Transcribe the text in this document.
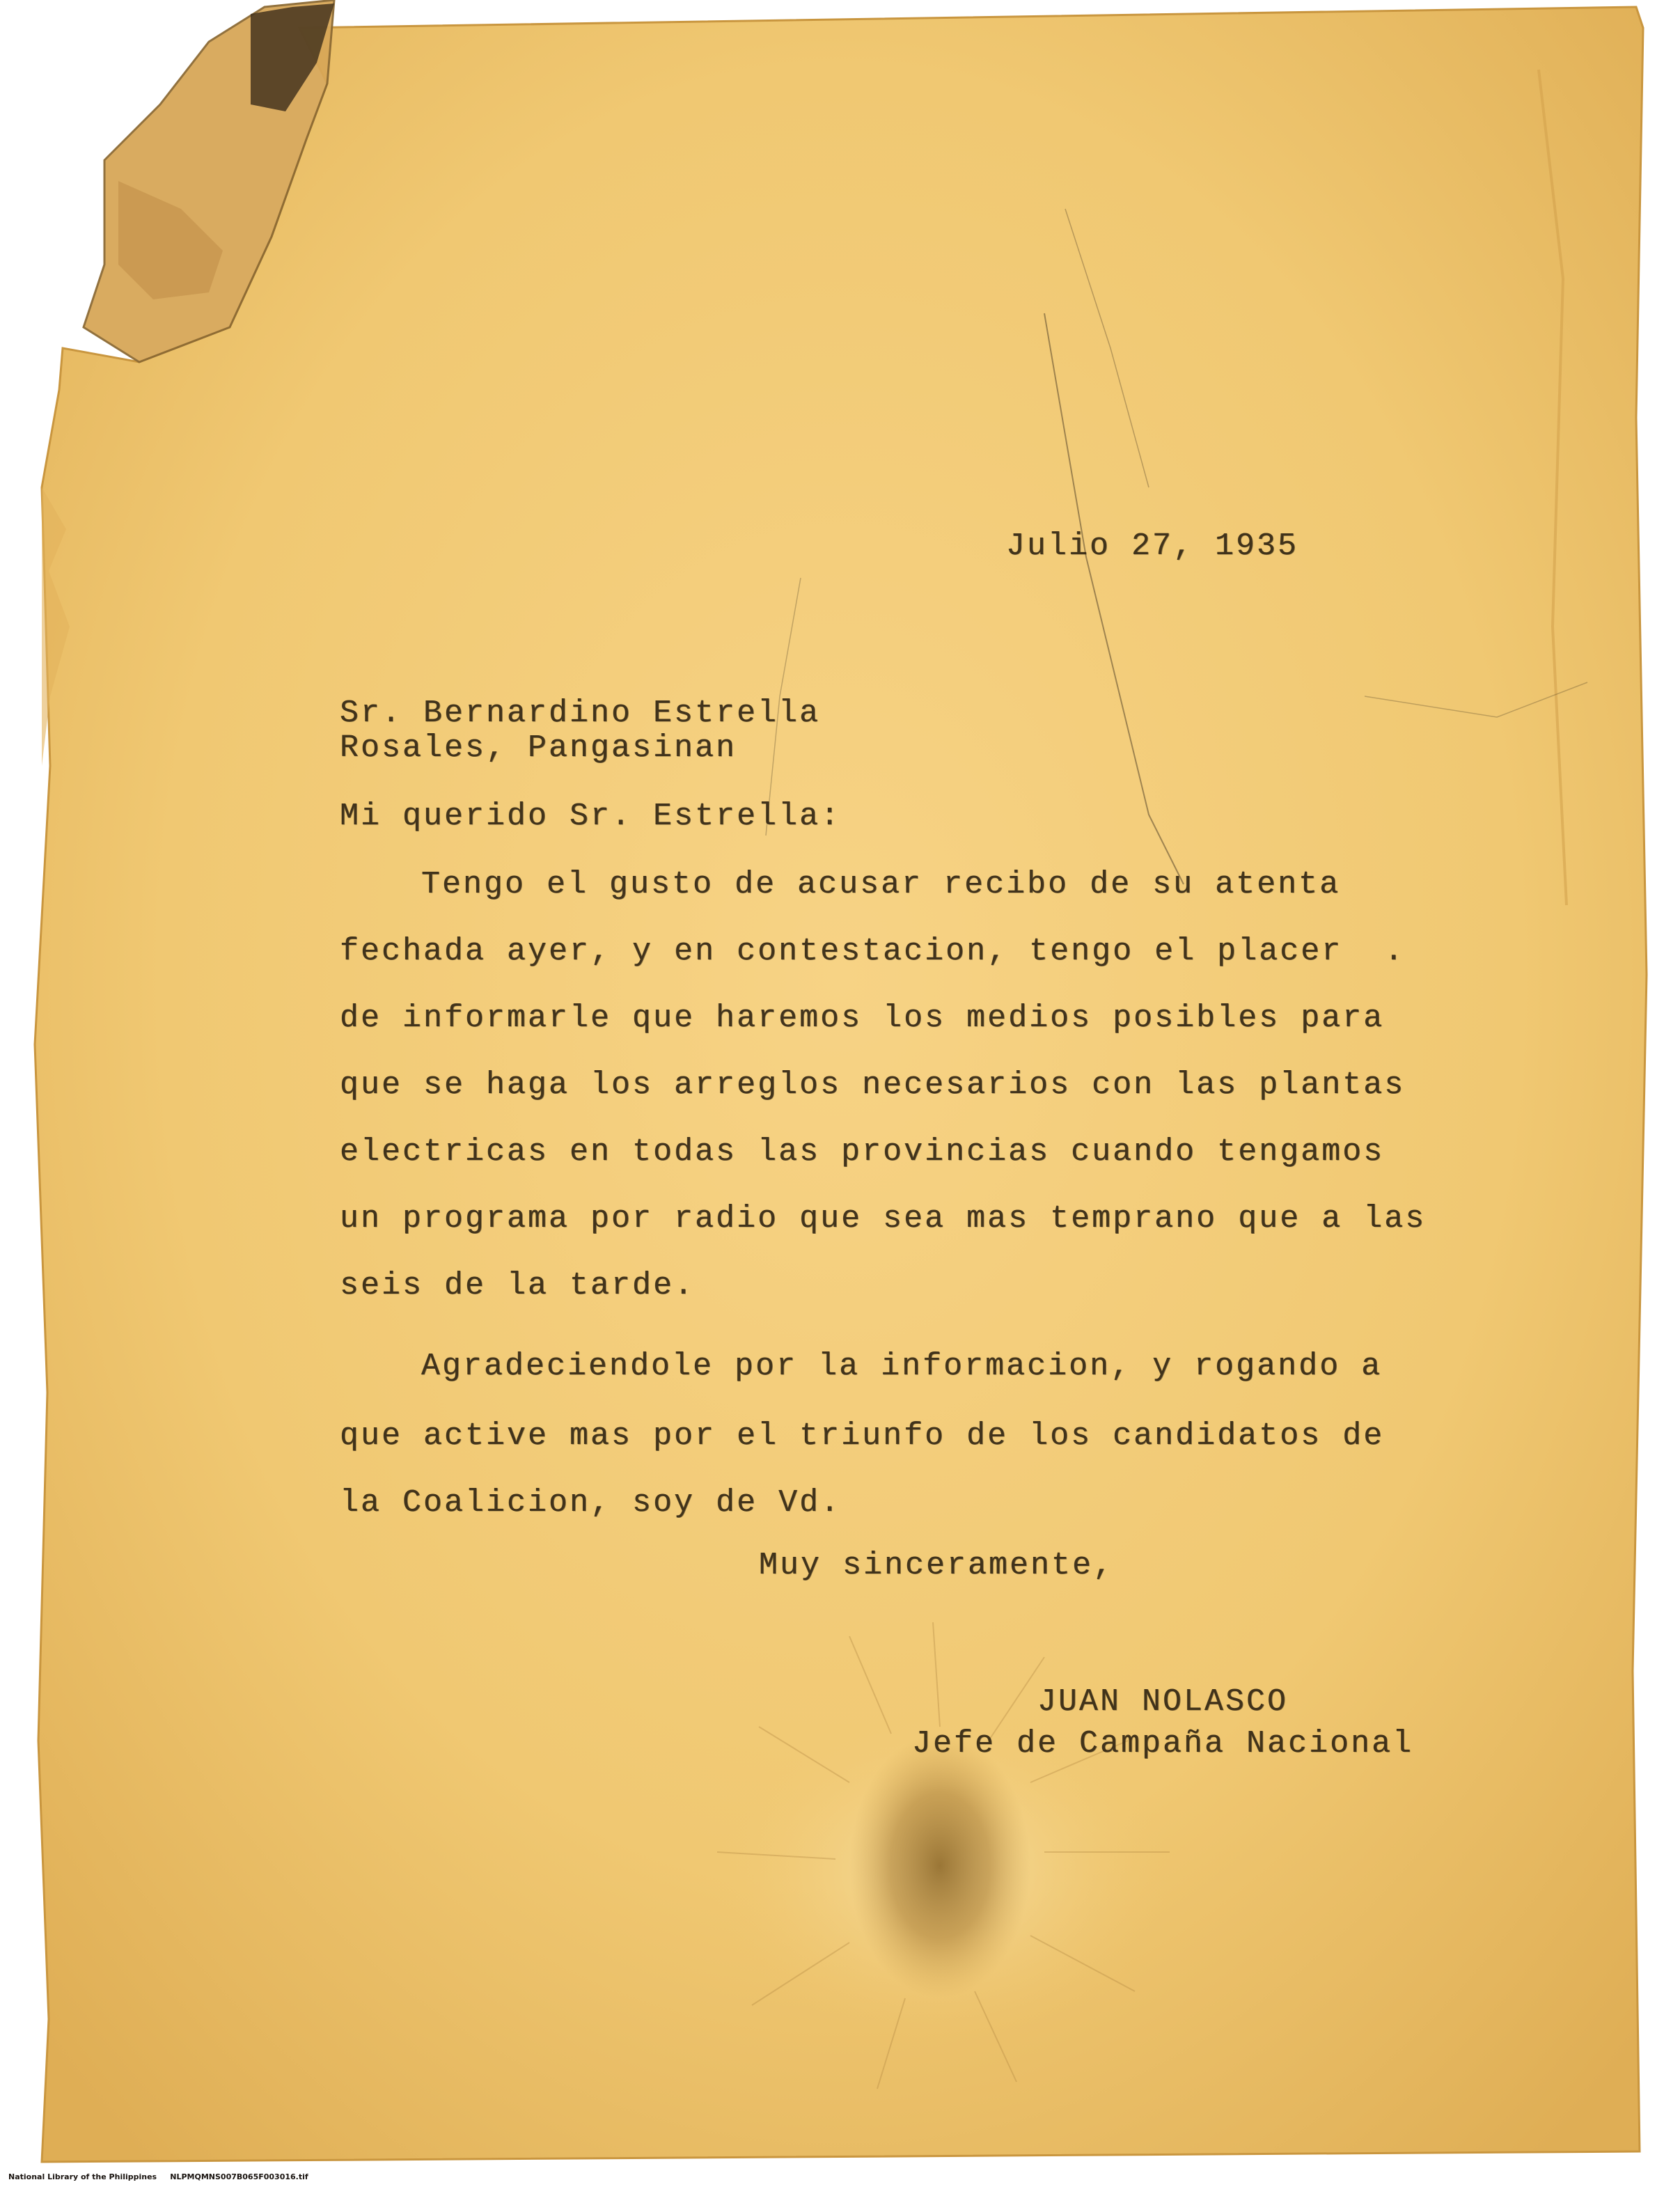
Julio 27, 1935
Sr. Bernardino Estrella
Rosales, Pangasinan
Mi querido Sr. Estrella:
Tengo el gusto de acusar recibo de su atenta
fechada ayer, y en contestacion, tengo el placer  .
de informarle que haremos los medios posibles para
que se haga los arreglos necesarios con las plantas
electricas en todas las provincias cuando tengamos
un programa por radio que sea mas temprano que a las
seis de la tarde.
Agradeciendole por la informacion, y rogando a
que active mas por el triunfo de los candidatos de
la Coalicion, soy de Vd.
Muy sinceramente,
JUAN NOLASCO
Jefe de Campaña Nacional
National Library of the Philippines NLPMQMNS007B065F003016.tif
